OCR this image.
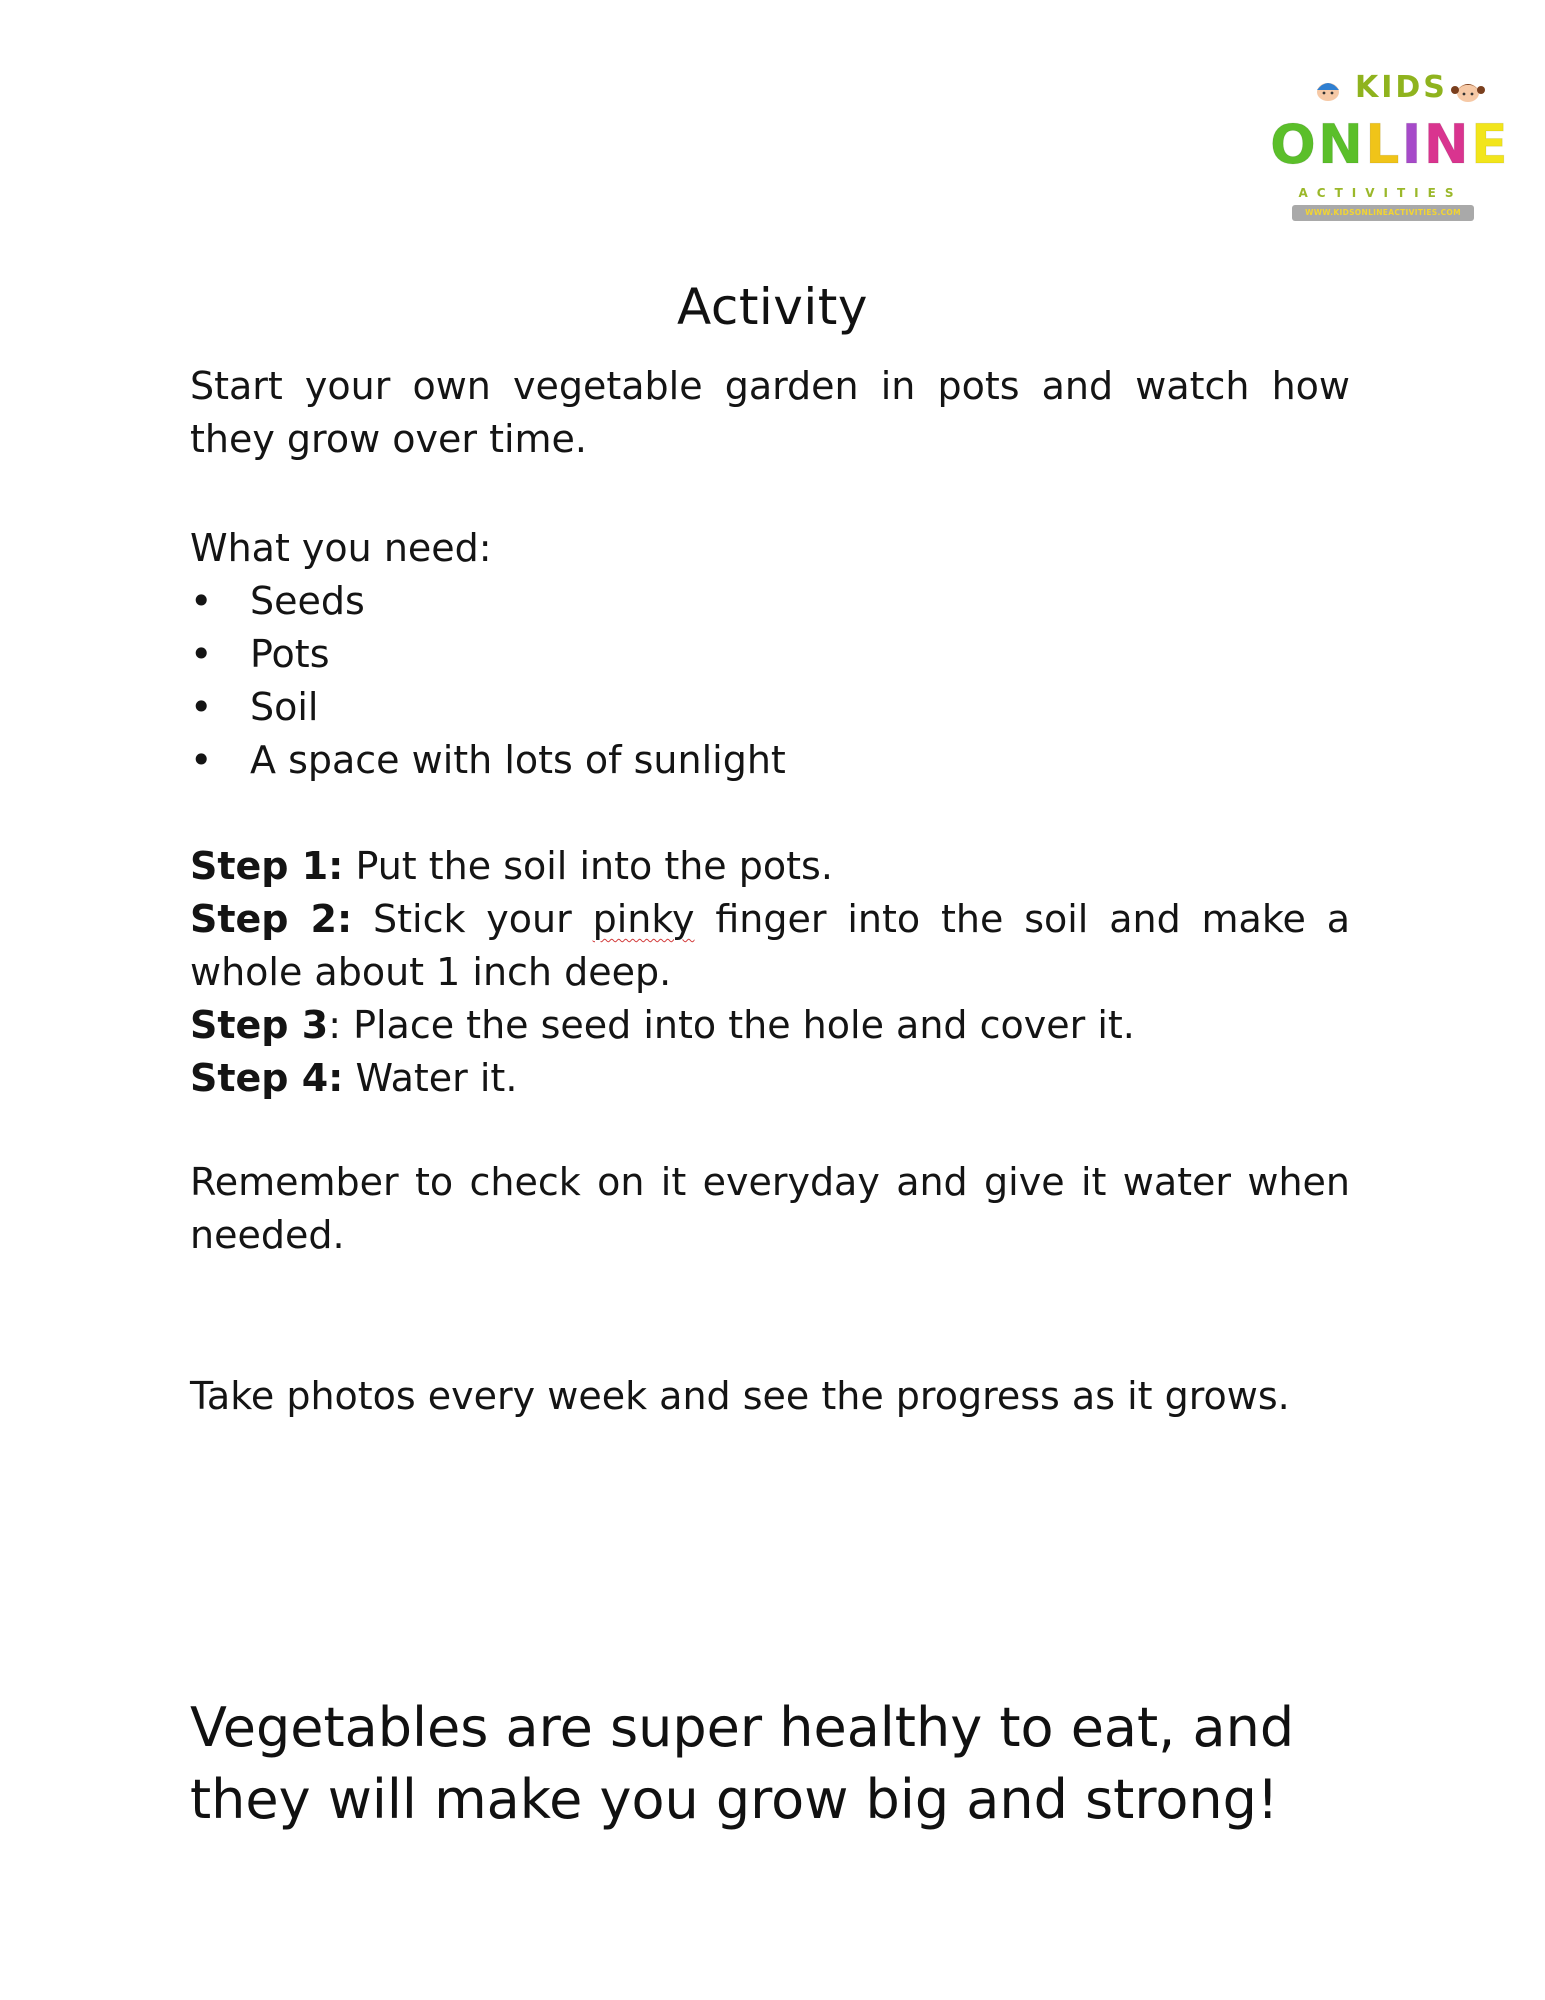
KIDS
ONLINE
ACTIVITIES
WWW.KIDSONLINEACTIVITIES.COM
Activity

Start your own vegetable garden in pots and watch how they grow over time.

What you need:

• Seeds
• Pots
• Soil
• A space with lots of sunlight
Step 1: Put the soil into the pots.
Step 2: Stick your pinky finger into the soil and make a whole about 1 inch deep.
Step 3: Place the seed into the hole and cover it.
Step 4: Water it.

Remember to check on it everyday and give it water when needed.

Take photos every week and see the progress as it grows.

Vegetables are super healthy to eat, and they will make you grow big and strong!
